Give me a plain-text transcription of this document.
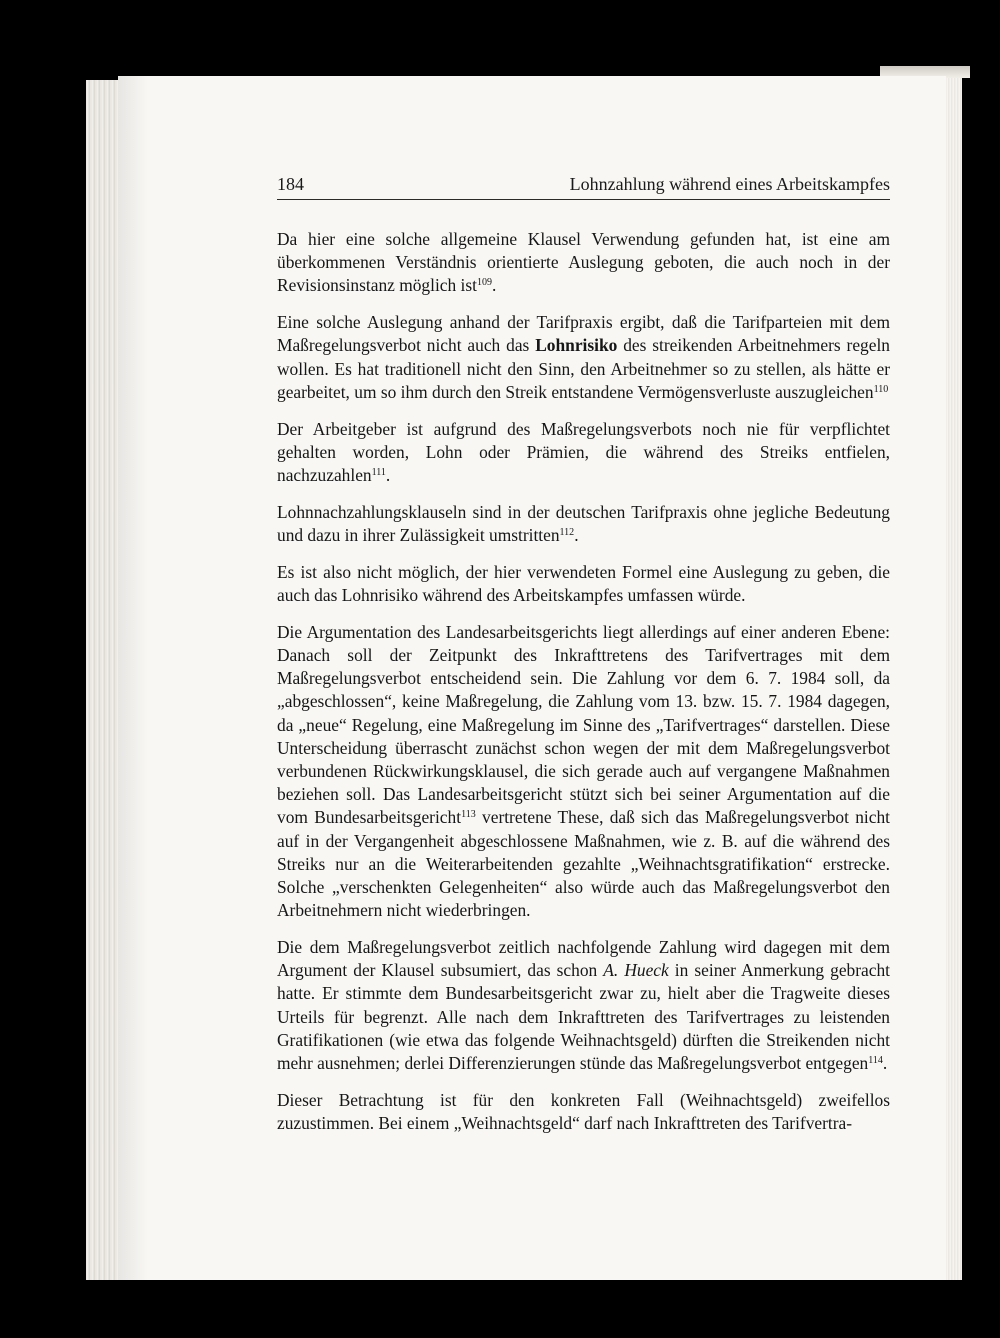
184	Lohnzahlung während eines Arbeitskampfes

Da hier eine solche allgemeine Klausel Verwendung gefunden hat, ist eine am überkommenen Verständnis orientierte Auslegung geboten, die auch noch in der Revisionsinstanz möglich ist$^{109}$.

Eine solche Auslegung anhand der Tarifpraxis ergibt, daß die Tarifparteien mit dem Maßregelungsverbot nicht auch das Lohnrisiko des streikenden Arbeitnehmers regeln wollen. Es hat traditionell nicht den Sinn, den Arbeitnehmer so zu stellen, als hätte er gearbeitet, um so ihm durch den Streik entstandene Vermögensverluste auszugleichen$^{110}$

Der Arbeitgeber ist aufgrund des Maßregelungsverbots noch nie für verpflichtet gehalten worden, Lohn oder Prämien, die während des Streiks entfielen, nachzuzahlen$^{111}$.

Lohnnachzahlungsklauseln sind in der deutschen Tarifpraxis ohne jegliche Bedeutung und dazu in ihrer Zulässigkeit umstritten$^{112}$.

Es ist also nicht möglich, der hier verwendeten Formel eine Auslegung zu geben, die auch das Lohnrisiko während des Arbeitskampfes umfassen würde.

Die Argumentation des Landesarbeitsgerichts liegt allerdings auf einer anderen Ebene: Danach soll der Zeitpunkt des Inkrafttretens des Tarifvertrages mit dem Maßregelungsverbot entscheidend sein. Die Zahlung vor dem 6. 7. 1984 soll, da „abgeschlossen“, keine Maßregelung, die Zahlung vom 13. bzw. 15. 7. 1984 dagegen, da „neue“ Regelung, eine Maßregelung im Sinne des „Tarifvertrages“ darstellen. Diese Unterscheidung überrascht zunächst schon wegen der mit dem Maßregelungsverbot verbundenen Rückwirkungsklausel, die sich gerade auch auf vergangene Maßnahmen beziehen soll. Das Landesarbeitsgericht stützt sich bei seiner Argumentation auf die vom Bundesarbeitsgericht$^{113}$ vertretene These, daß sich das Maßregelungsverbot nicht auf in der Vergangenheit abgeschlossene Maßnahmen, wie z. B. auf die während des Streiks nur an die Weiterarbeitenden gezahlte „Weihnachtsgratifikation“ erstrecke. Solche „verschenkten Gelegenheiten“ also würde auch das Maßregelungsverbot den Arbeitnehmern nicht wiederbringen.

Die dem Maßregelungsverbot zeitlich nachfolgende Zahlung wird dagegen mit dem Argument der Klausel subsumiert, das schon A. Hueck in seiner Anmerkung gebracht hatte. Er stimmte dem Bundesarbeitsgericht zwar zu, hielt aber die Tragweite dieses Urteils für begrenzt. Alle nach dem Inkrafttreten des Tarifvertrages zu leistenden Gratifikationen (wie etwa das folgende Weihnachtsgeld) dürften die Streikenden nicht mehr ausnehmen; derlei Differenzierungen stünde das Maßregelungsverbot entgegen$^{114}$.

Dieser Betrachtung ist für den konkreten Fall (Weihnachtsgeld) zweifellos zuzustimmen. Bei einem „Weihnachtsgeld“ darf nach Inkrafttreten des Tarifvertra-
